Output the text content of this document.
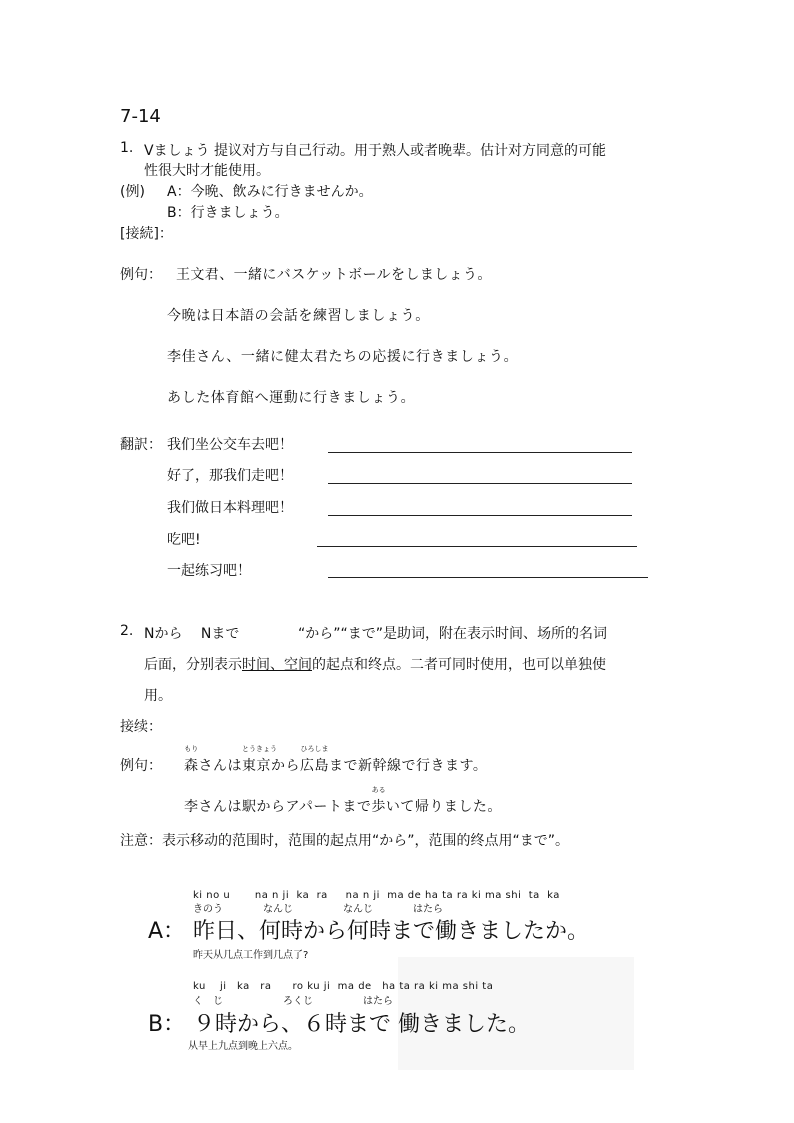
7-14
1. Vましょう 提议对方与自己行动。用于熟人或者晚辈。估计对方同意的可能
性很大时才能使用。
(例) A：今晩、飲みに行きませんか。
B：行きましょう。
[接続]：
例句： 王文君、一緒にバスケットボールをしましょう。
今晩は日本語の会話を練習しましょう。
李佳さん、一緒に健太君たちの応援に行きましょう。
あした体育館へ運動に行きましょう。
翻訳： 我们坐公交车去吧！
好了，那我们走吧！
我们做日本料理吧！
吃吧!
一起练习吧！
2. Nから　 Nまで	“から”“まで”是助词，附在表示时间、场所的名词
后面，分别表示时间、空间的起点和终点。二者可同时使用，也可以单独使
用。
接续：
例句： 森
もり
さんは東京
とうきょう
から広島
ひろしま
まで新幹線で行きます。
李さんは駅からアパートまで歩
ある
いて帰りました。
注意：表示移动的范围时，范围的起点用“から”，范围的终点用“まで”。
ki no u　　 na n ji  ka  ra　  na n ji  ma de ha ta ra ki ma shi  ta  ka
きのう　　　　なんじ　　　　　なんじ　　　　はたら
A： 昨日、何時から何時まで働きましたか。
昨天从几点工作到几点了?
ku　 ji　ka　ra　　ro ku ji  ma de　ha ta ra ki ma shi ta
く　じ　　　　　　ろくじ　　　　　はたら
B： ９時から、６時まで 働きました。
从早上九点到晚上六点。
